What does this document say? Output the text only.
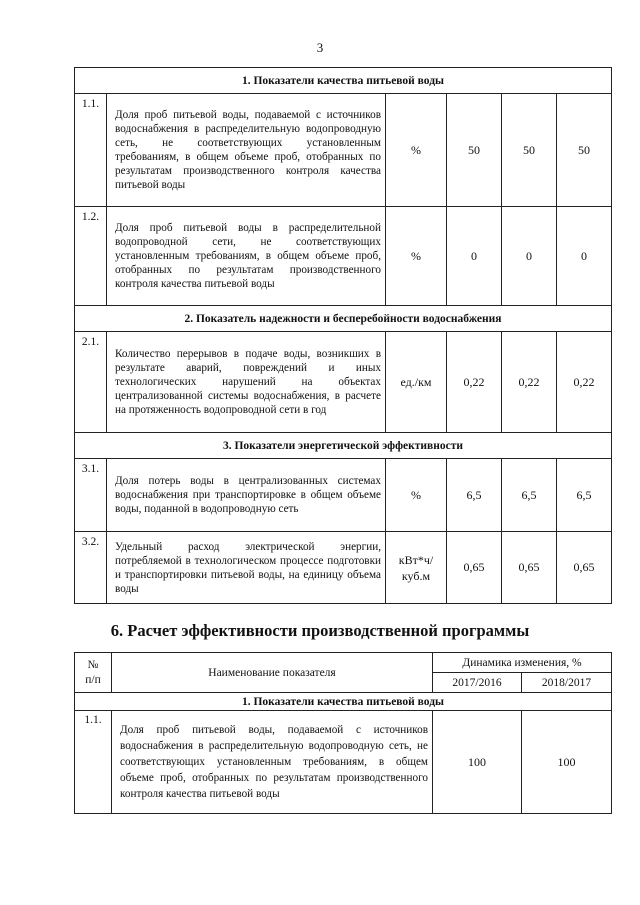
3
1. Показатели качества питьевой воды					
1.1.	Доля проб питьевой воды, подаваемой с источников водоснабжения в распределительную водопроводную сеть, не соответствующих установленным требованиям, в общем объеме проб, отобранных по результатам производственного контроля качества питьевой воды	%	50	50	50
1.2.	Доля проб питьевой воды в распределительной водопроводной сети, не соответствующих установленным требованиям, в общем объеме проб, отобранных по результатам производственного контроля качества питьевой воды	%	0	0	0
2. Показатель надежности и бесперебойности водоснабжения					
2.1.	Количество перерывов в подаче воды, возникших в результате аварий, повреждений и иных технологических нарушений на объектах централизованной системы водоснабжения, в расчете на протяженность водопроводной сети в год	ед./км	0,22	0,22	0,22
3. Показатели энергетической эффективности					
3.1.	Доля потерь воды в централизованных системах водоснабжения при транспортировке в общем объеме воды, поданной в водопроводную сеть	%	6,5	6,5	6,5
3.2.	Удельный расход электрической энергии, потребляемой в технологическом процессе подготовки и транспортировки питьевой воды, на единицу объема воды	кВт*ч/ куб.м	0,65	0,65	0,65
6. Расчет эффективности производственной программы
№ п/п	Наименование показателя	Динамика изменения, %	
		2017/2016	2018/2017
1. Показатели качества питьевой воды			
1.1.	Доля проб питьевой воды, подаваемой с источников водоснабжения в распределительную водопроводную сеть, не соответствующих установленным требованиям, в общем объеме проб, отобранных по результатам производственного контроля качества питьевой воды	100	100
